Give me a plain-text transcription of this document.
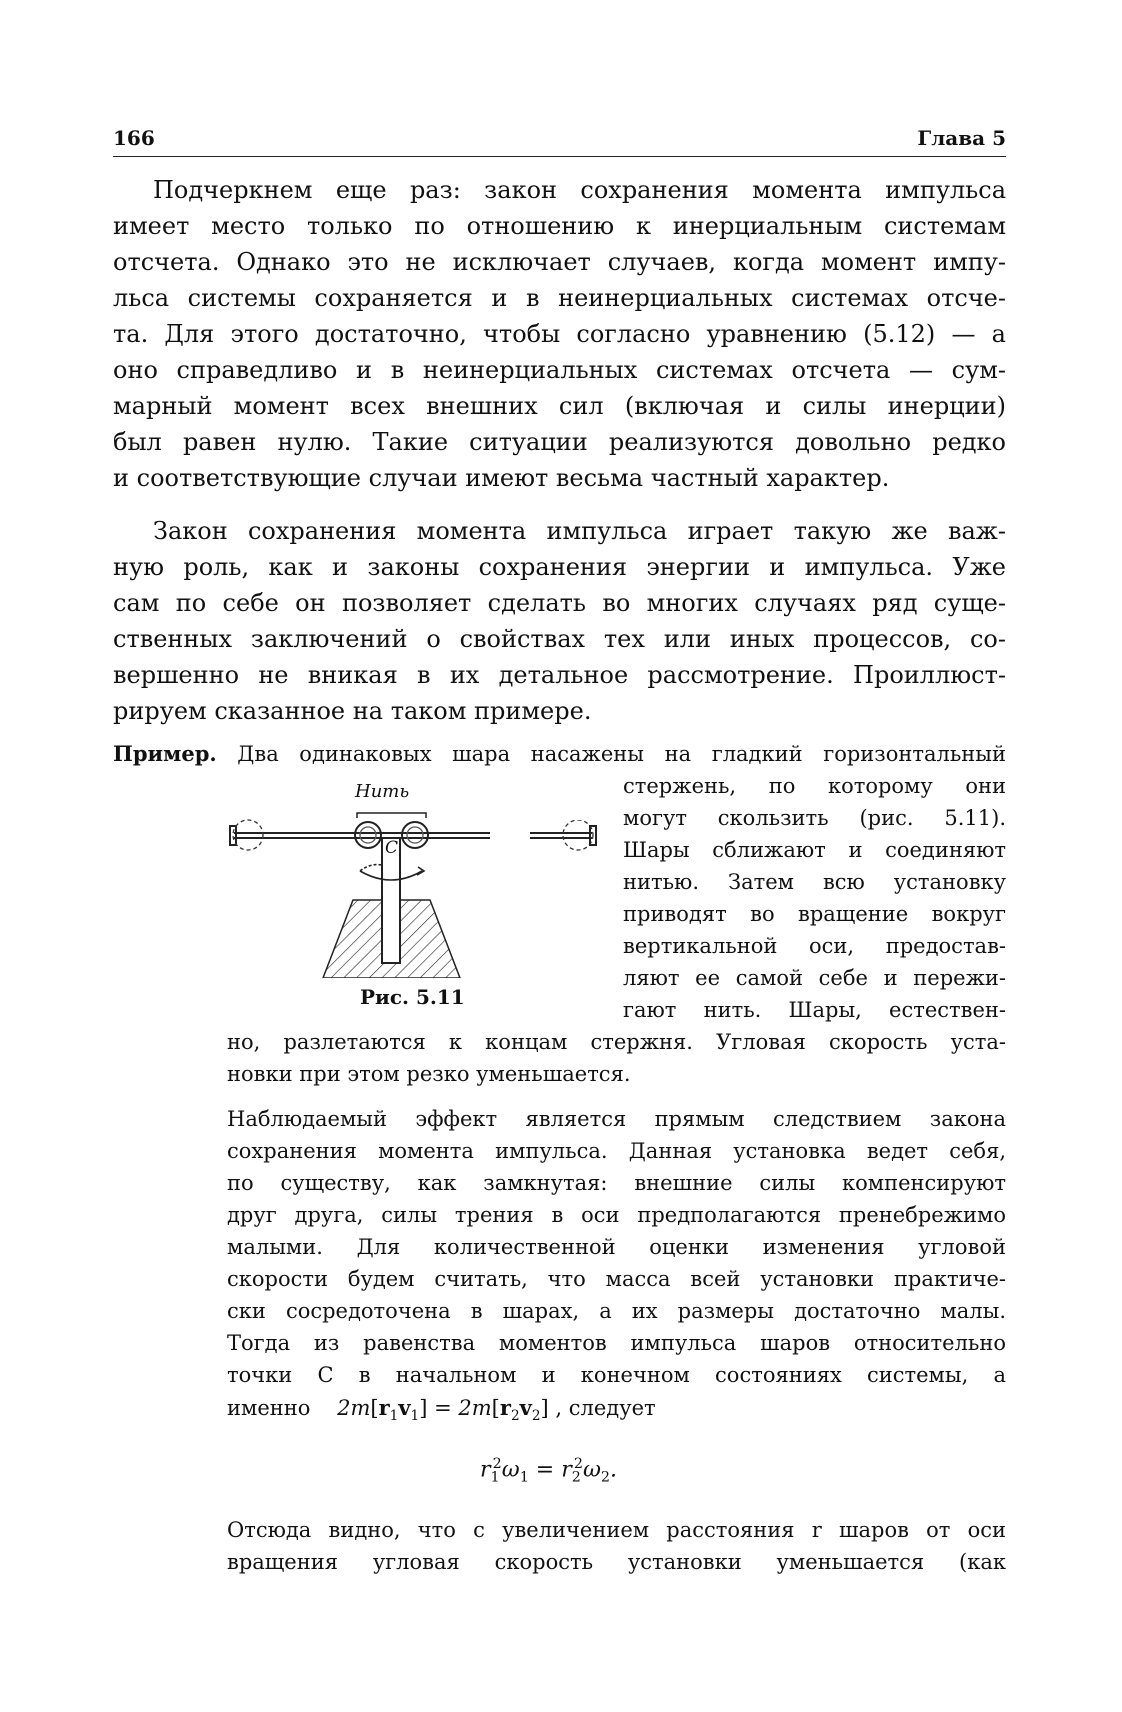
166	Глава 5
Подчеркнем еще раз: закон сохранения момента импульса
имеет место только по отношению к инерциальным системам
отсчета. Однако это не исключает случаев, когда момент импу-
льса системы сохраняется и в неинерциальных системах отсче-
та. Для этого достаточно, чтобы согласно уравнению (5.12) — а
оно справедливо и в неинерциальных системах отсчета — сум-
марный момент всех внешних сил (включая и силы инерции)
был равен нулю. Такие ситуации реализуются довольно редко
и соответствующие случаи имеют весьма частный характер.
Закон сохранения момента импульса играет такую же важ-
ную роль, как и законы сохранения энергии и импульса. Уже
сам по себе он позволяет сделать во многих случаях ряд суще-
ственных заключений о свойствах тех или иных процессов, со-
вершенно не вникая в их детальное рассмотрение. Проиллюст-
рируем сказанное на таком примере.
Пример. Два одинаковых шара насажены на гладкий горизонтальный
Нить
C
Рис. 5.11
стержень, по которому они
могут скользить (рис. 5.11).
Шары сближают и соединяют
нитью. Затем всю установку
приводят во вращение вокруг
вертикальной оси, предостав-
ляют ее самой себе и пережи-
гают нить. Шары, естествен-
но, разлетаются к концам стержня. Угловая скорость уста-
новки при этом резко уменьшается.
Наблюдаемый эффект является прямым следствием закона
сохранения момента импульса. Данная установка ведет себя,
по существу, как замкнутая: внешние силы компенсируют
друг друга, силы трения в оси предполагаются пренебрежимо
малыми. Для количественной оценки изменения угловой
скорости будем считать, что масса всей установки практиче-
ски сосредоточена в шарах, а их размеры достаточно малы.
Тогда из равенства моментов импульса шаров относительно
точки C в начальном и конечном состояниях системы, а
именно $2m[r_1v_1] = 2m[r_2v_2]$ , следует
$r_1^2\omega_1 = r_2^2\omega_2$.
Отсюда видно, что с увеличением расстояния r шаров от оси
вращения угловая скорость установки уменьшается (как
